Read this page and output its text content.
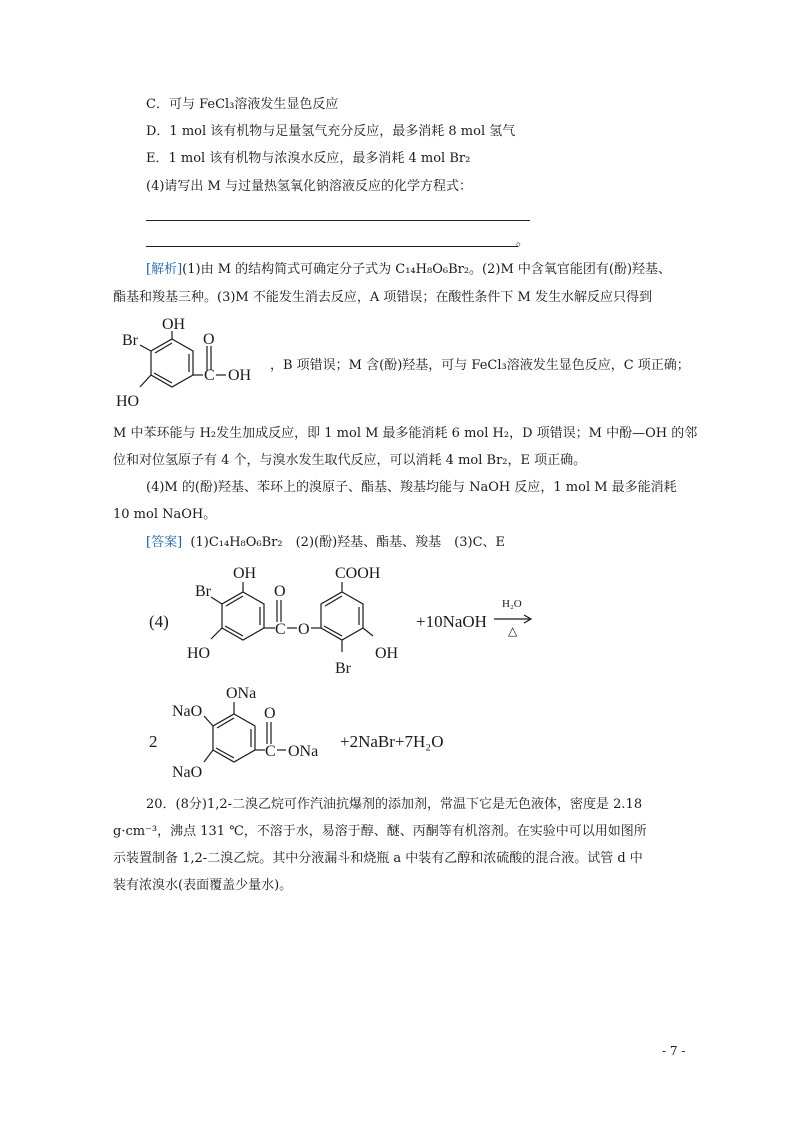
C．可与 FeCl₃溶液发生显色反应
D．1 mol 该有机物与足量氢气充分反应，最多消耗 8 mol 氢气
E．1 mol 该有机物与浓溴水反应，最多消耗 4 mol Br₂
(4)请写出 M 与过量热氢氧化钠溶液反应的化学方程式：
。
[解析](1)由 M 的结构简式可确定分子式为 C₁₄H₈O₆Br₂。(2)M 中含氧官能团有(酚)羟基、
酯基和羧基三种。(3)M 不能发生消去反应，A 项错误；在酸性条件下 M 发生水解反应只得到
OH
Br
HO
O
C OH
，B 项错误；M 含(酚)羟基，可与 FeCl₃溶液发生显色反应，C 项正确；
M 中苯环能与 H₂发生加成反应，即 1 mol M 最多能消耗 6 mol H₂，D 项错误；M 中酚—OH 的邻
位和对位氢原子有 4 个，与溴水发生取代反应，可以消耗 4 mol Br₂，E 项正确。
(4)M 的(酚)羟基、苯环上的溴原子、酯基、羧基均能与 NaOH 反应，1 mol M 最多能消耗
10 mol NaOH。
[答案] (1)C₁₄H₈O₆Br₂　(2)(酚)羟基、酯基、羧基　(3)C、E
(4)
OH
Br
HO
O
C O
COOH
OH
Br
+10NaOH
H₂O
△
2
ONa
NaO
NaO
O
C ONa
+2NaBr+7H₂O
20．(8分)1,2-二溴乙烷可作汽油抗爆剂的添加剂，常温下它是无色液体，密度是 2.18
g·cm⁻³，沸点 131 ℃，不溶于水，易溶于醇、醚、丙酮等有机溶剂。在实验中可以用如图所
示装置制备 1,2-二溴乙烷。其中分液漏斗和烧瓶 a 中装有乙醇和浓硫酸的混合液。试管 d 中
装有浓溴水(表面覆盖少量水)。
- 7 -
